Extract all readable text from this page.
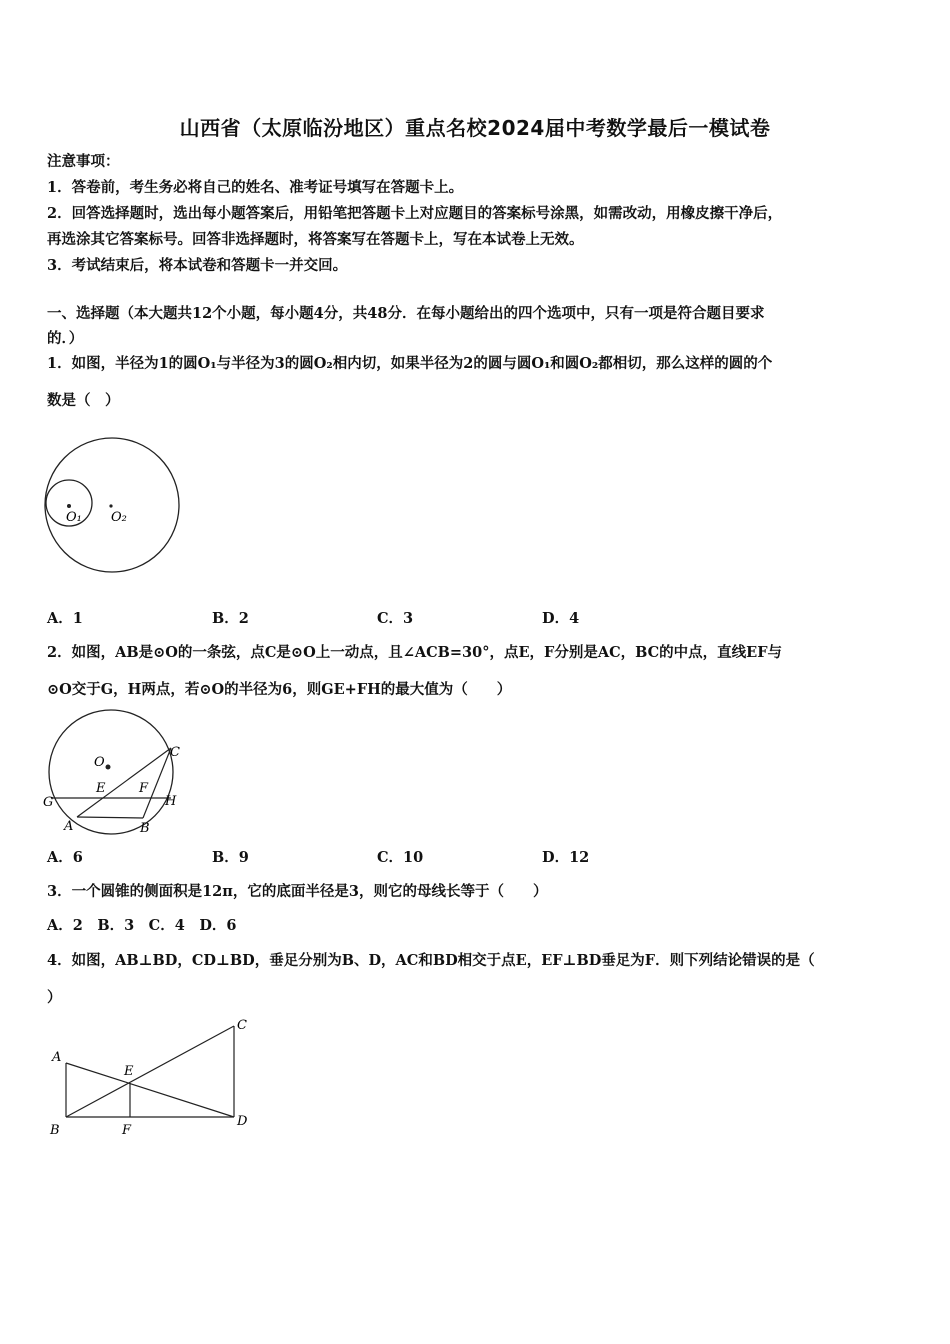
山西省（太原临汾地区）重点名校2024届中考数学最后一模试卷
注意事项：
1．答卷前，考生务必将自己的姓名、准考证号填写在答题卡上。
2．回答选择题时，选出每小题答案后，用铅笔把答题卡上对应题目的答案标号涂黑，如需改动，用橡皮擦干净后，
再选涂其它答案标号。回答非选择题时，将答案写在答题卡上，写在本试卷上无效。
3．考试结束后，将本试卷和答题卡一并交回。
一、选择题（本大题共12个小题，每小题4分，共48分．在每小题给出的四个选项中，只有一项是符合题目要求
的．）
1．如图，半径为1的圆O₁与半径为3的圆O₂相内切，如果半径为2的圆与圆O₁和圆O₂都相切，那么这样的圆的个
数是（　）
O₁ O₂
A．1	B．2	C．3	D．4
2．如图，AB是⊙O的一条弦，点C是⊙O上一动点，且∠ACB=30°，点E，F分别是AC，BC的中点，直线EF与
⊙O交于G，H两点，若⊙O的半径为6，则GE+FH的最大值为（　　）
O
C
E	F
G	H
A	B
A．6	B．9	C．10	D．12
3．一个圆锥的侧面积是12π，它的底面半径是3，则它的母线长等于（　　）
A．2　B．3　C．4　D．6
4．如图，AB⊥BD，CD⊥BD，垂足分别为B、D，AC和BD相交于点E，EF⊥BD垂足为F．则下列结论错误的是（
）
A
B
C
D
E
F
